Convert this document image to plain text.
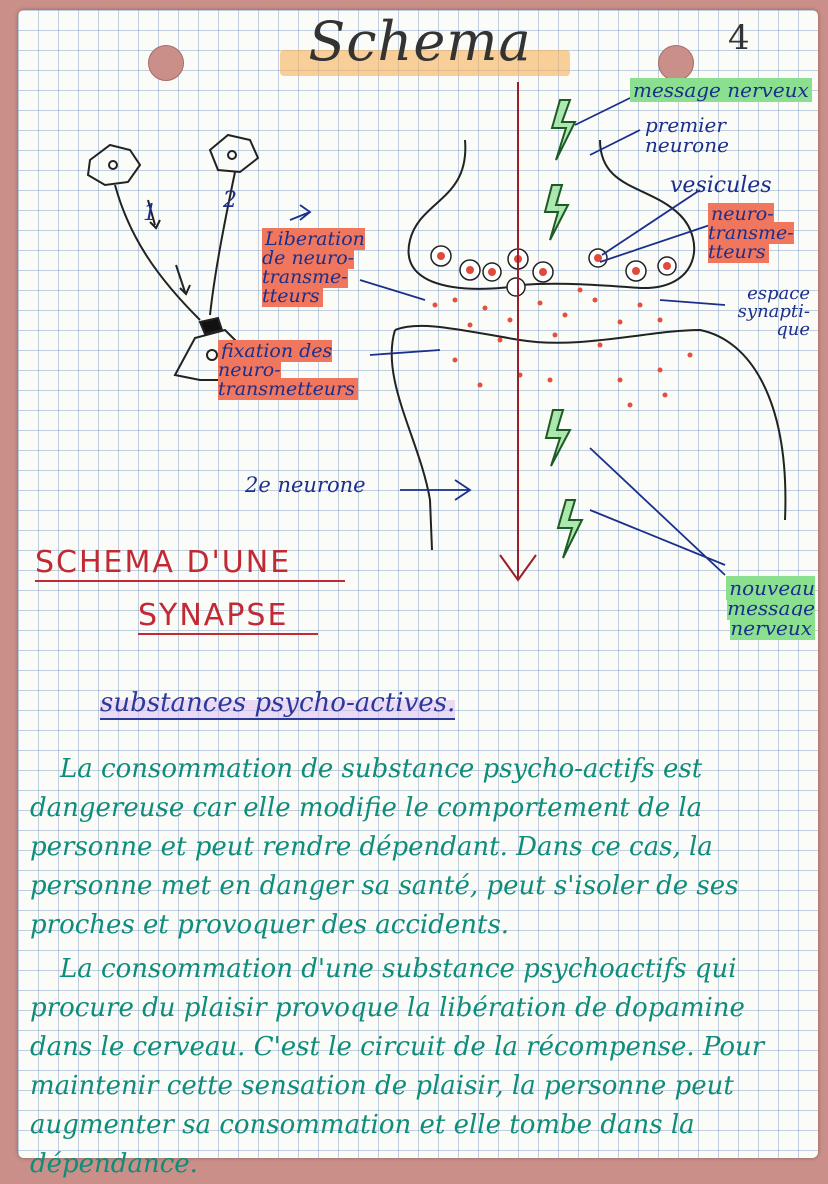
Schema	4
1
2
Liberation de neuro-transme-tteurs
fixation des neuro-transmetteurs
neuro-transme-tteurs
vesicules
espace synapti-que
premier neurone
2e neurone
message nerveux
nouveau message nerveux
SCHEMA D'UNE
SYNAPSE
substances psycho-actives.
La consommation de substance psycho-actifs est dangereuse car elle modifie le comportement de la personne et peut rendre dépendant. Dans ce cas, la personne met en danger sa santé, peut s'isoler de ses proches et provoquer des accidents.
La consommation d'une substance psychoactifs qui procure du plaisir provoque la libération de dopamine dans le cerveau. C'est le circuit de la récompense. Pour maintenir cette sensation de plaisir, la personne peut augmenter sa consommation et elle tombe dans la dépendance.
